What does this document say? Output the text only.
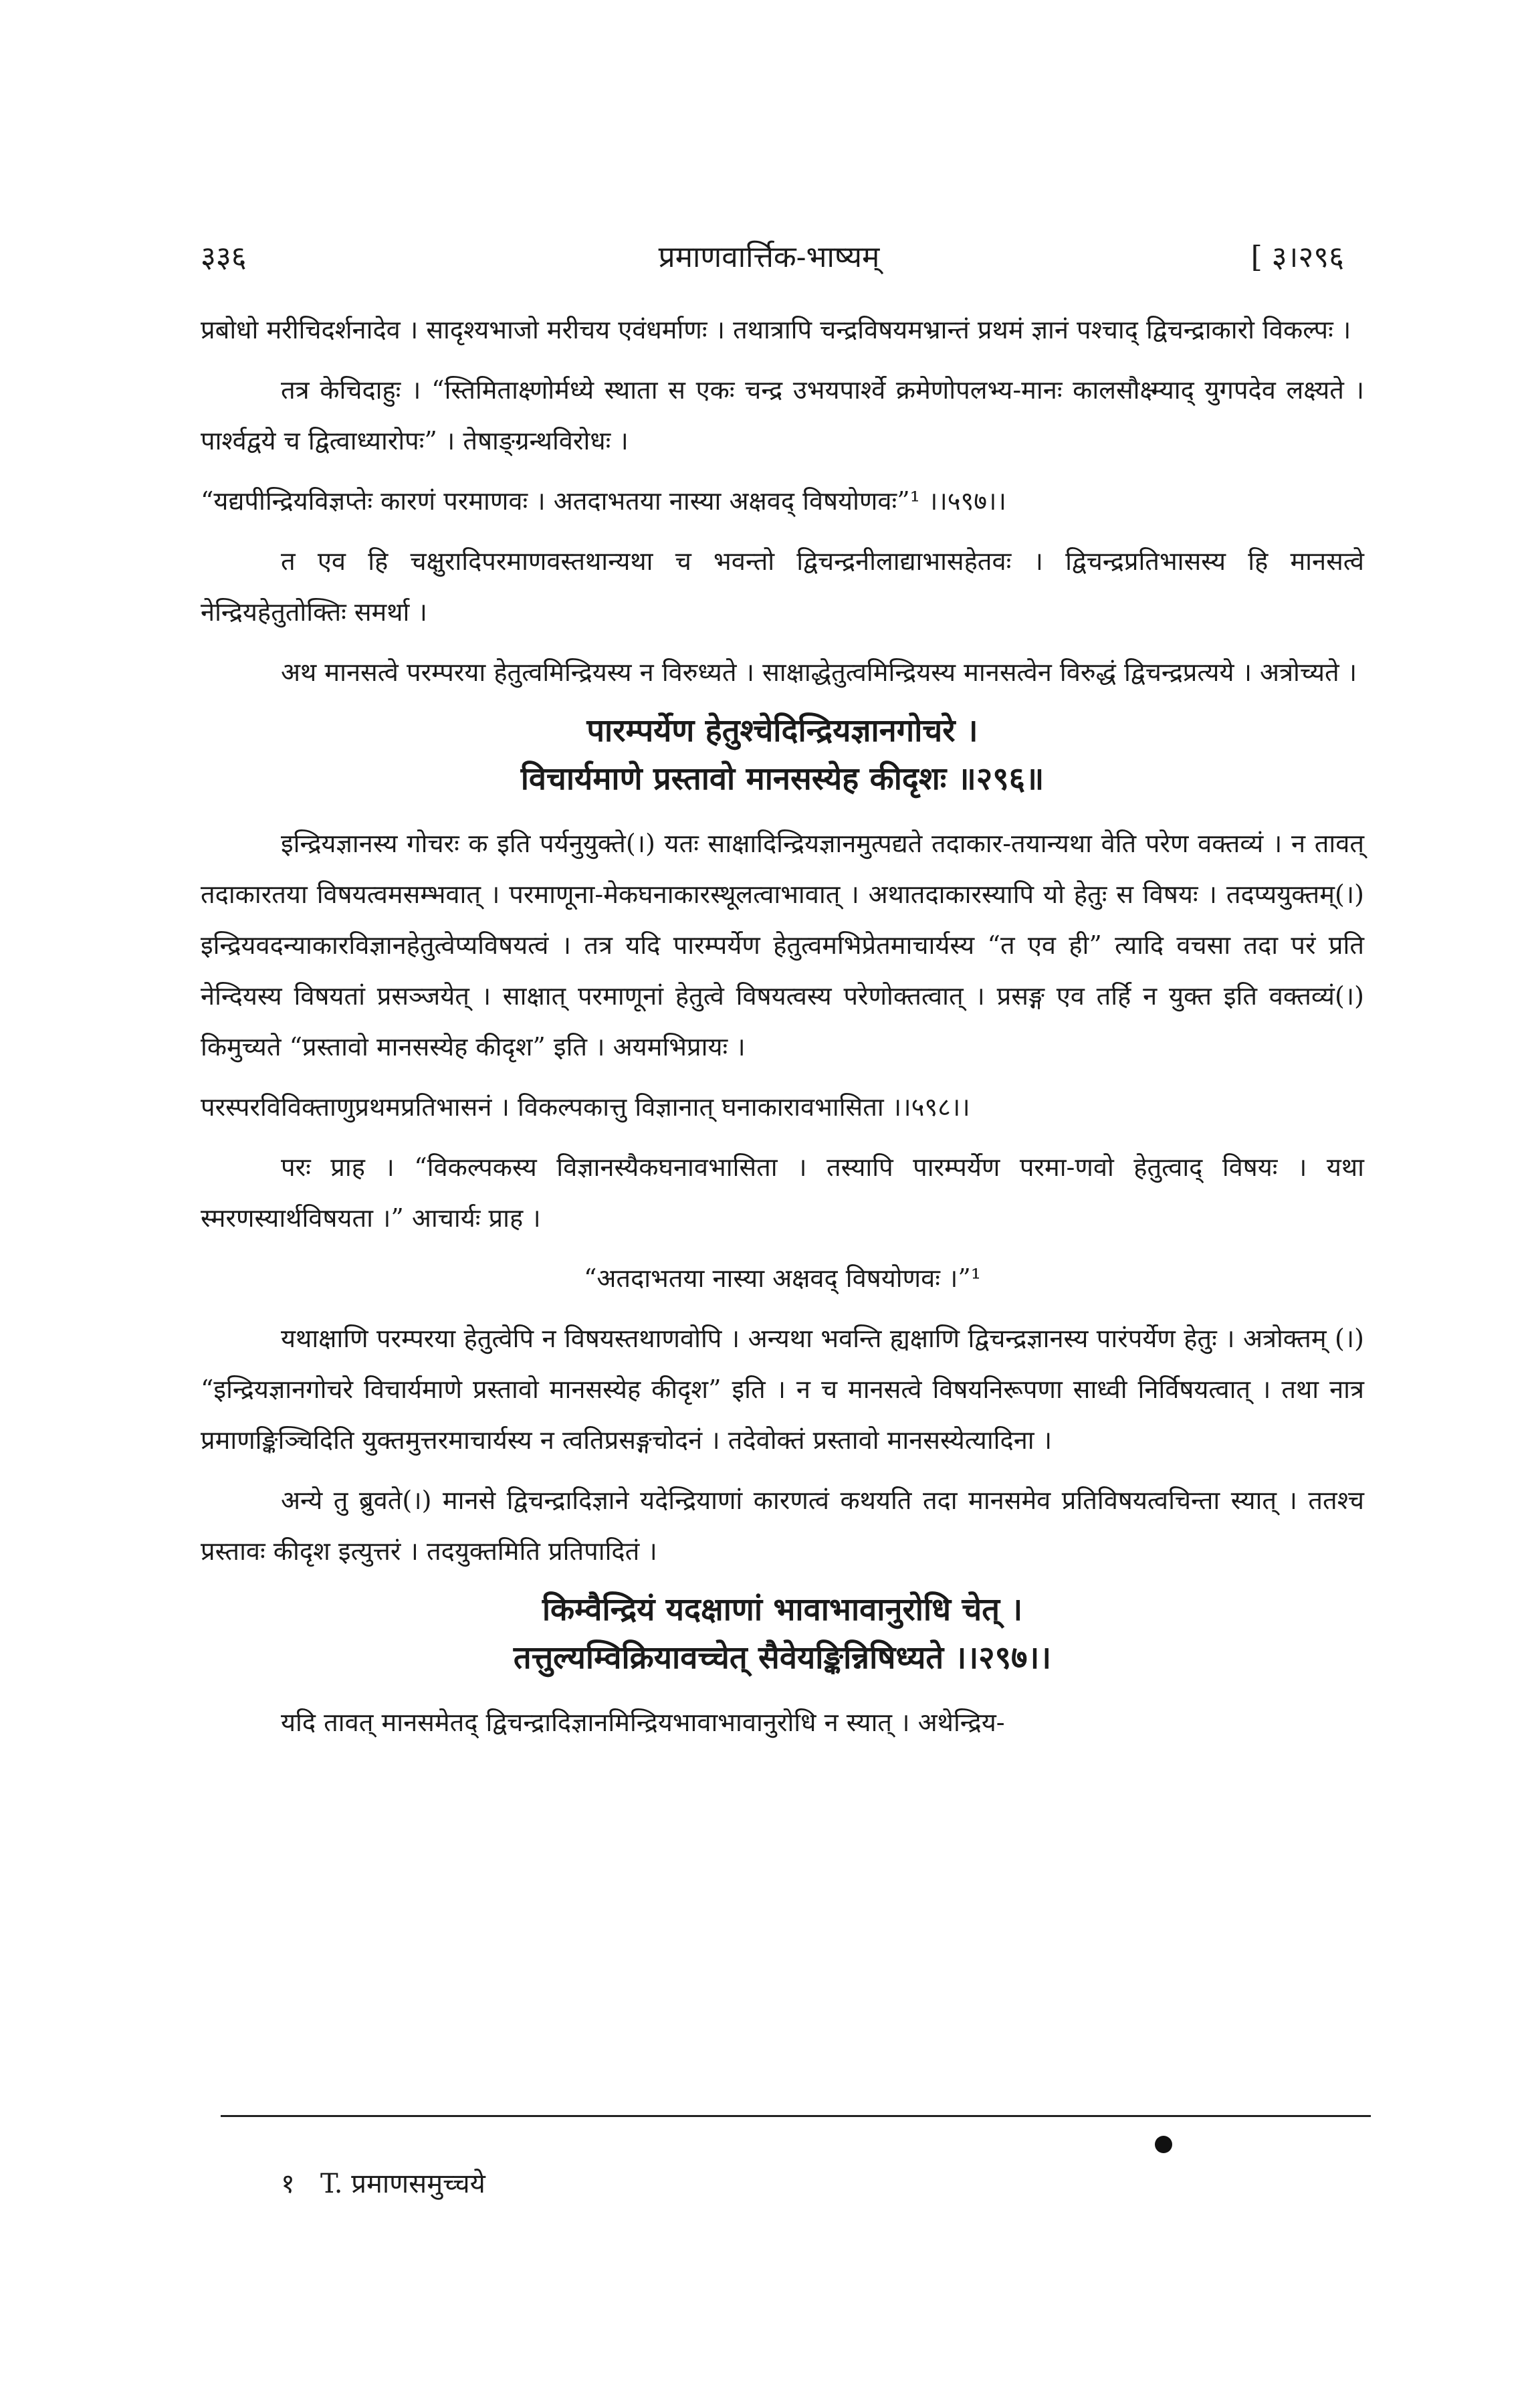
३३६	प्रमाणवार्त्तिक-भाष्यम्	[ ३।२९६

प्रबोधो मरीचिदर्शनादेव । सादृश्यभाजो मरीचय एवंधर्माणः । तथात्रापि चन्द्रविषयमभ्रान्तं प्रथमं ज्ञानं पश्चाद् द्विचन्द्राकारो विकल्पः ।

तत्र केचिदाहुः । “स्तिमिताक्ष्णोर्मध्ये स्थाता स एकः चन्द्र उभयपार्श्वे क्रमेणोपलभ्य-मानः कालसौक्ष्म्याद् युगपदेव लक्ष्यते । पार्श्वद्वये च द्वित्वाध्यारोपः” । तेषाङ्ग्रन्थविरोधः ।

“यद्यपीन्द्रियविज्ञप्तेः कारणं परमाणवः । अतदाभतया नास्या अक्षवद् विषयोणवः”¹ ।।५९७।।

त एव हि चक्षुरादिपरमाणवस्तथान्यथा च भवन्तो द्विचन्द्रनीलाद्याभासहेतवः । द्विचन्द्रप्रतिभासस्य हि मानसत्वे नेन्द्रियहेतुतोक्तिः समर्था ।

अथ मानसत्वे परम्परया हेतुत्वमिन्द्रियस्य न विरुध्यते । साक्षाद्धेतुत्वमिन्द्रियस्य मानसत्वेन विरुद्धं द्विचन्द्रप्रत्यये । अत्रोच्यते ।

पारम्पर्येण हेतुश्चेदिन्द्रियज्ञानगोचरे ।

विचार्यमाणे प्रस्तावो मानसस्येह कीदृशः ॥२९६॥

इन्द्रियज्ञानस्य गोचरः क इति पर्यनुयुक्ते(।) यतः साक्षादिन्द्रियज्ञानमुत्पद्यते तदाकार-तयान्यथा वेति परेण वक्तव्यं । न तावत् तदाकारतया विषयत्वमसम्भवात् । परमाणूना-मेकघनाकारस्थूलत्वाभावात् । अथातदाकारस्यापि यो हेतुः स विषयः । तदप्ययुक्तम्(।) इन्द्रियवदन्याकारविज्ञानहेतुत्वेप्यविषयत्वं । तत्र यदि पारम्पर्येण हेतुत्वमभिप्रेतमाचार्यस्य “त एव ही” त्यादि वचसा तदा परं प्रति नेन्दियस्य विषयतां प्रसञ्जयेत् । साक्षात् परमाणूनां हेतुत्वे विषयत्वस्य परेणोक्तत्वात् । प्रसङ्ग एव तर्हि न युक्त इति वक्तव्यं(।) किमुच्यते “प्रस्तावो मानसस्येह कीदृश” इति । अयमभिप्रायः ।

परस्परविविक्ताणुप्रथमप्रतिभासनं । विकल्पकात्तु विज्ञानात् घनाकारावभासिता ।।५९८।।

परः प्राह । “विकल्पकस्य विज्ञानस्यैकघनावभासिता । तस्यापि पारम्पर्येण परमा-णवो हेतुत्वाद् विषयः । यथा स्मरणस्यार्थविषयता ।” आचार्यः प्राह ।

“अतदाभतया नास्या अक्षवद् विषयोणवः ।”¹

यथाक्षाणि परम्परया हेतुत्वेपि न विषयस्तथाणवोपि । अन्यथा भवन्ति ह्यक्षाणि द्विचन्द्रज्ञानस्य पारंपर्येण हेतुः । अत्रोक्तम् (।) “इन्द्रियज्ञानगोचरे विचार्यमाणे प्रस्तावो मानसस्येह कीदृश” इति । न च मानसत्वे विषयनिरूपणा साध्वी निर्विषयत्वात् । तथा नात्र प्रमाणङ्किञ्चिदिति युक्तमुत्तरमाचार्यस्य न त्वतिप्रसङ्गचोदनं । तदेवोक्तं प्रस्तावो मानसस्येत्यादिना ।

अन्ये तु ब्रुवते(।) मानसे द्विचन्द्रादिज्ञाने यदेन्द्रियाणां कारणत्वं कथयति तदा मानसमेव प्रतिविषयत्वचिन्ता स्यात् । ततश्च प्रस्तावः कीदृश इत्युत्तरं । तदयुक्तमिति प्रतिपादितं ।

किम्वैन्द्रियं यदक्षाणां भावाभावानुरोधि चेत् ।

तत्तुल्यम्विक्रियावच्चेत् सैवेयङ्किन्निषिध्यते ।।२९७।।

यदि तावत् मानसमेतद् द्विचन्द्रादिज्ञानमिन्द्रियभावाभावानुरोधि न स्यात् । अथेन्द्रिय-

१ T. प्रमाणसमुच्चये
